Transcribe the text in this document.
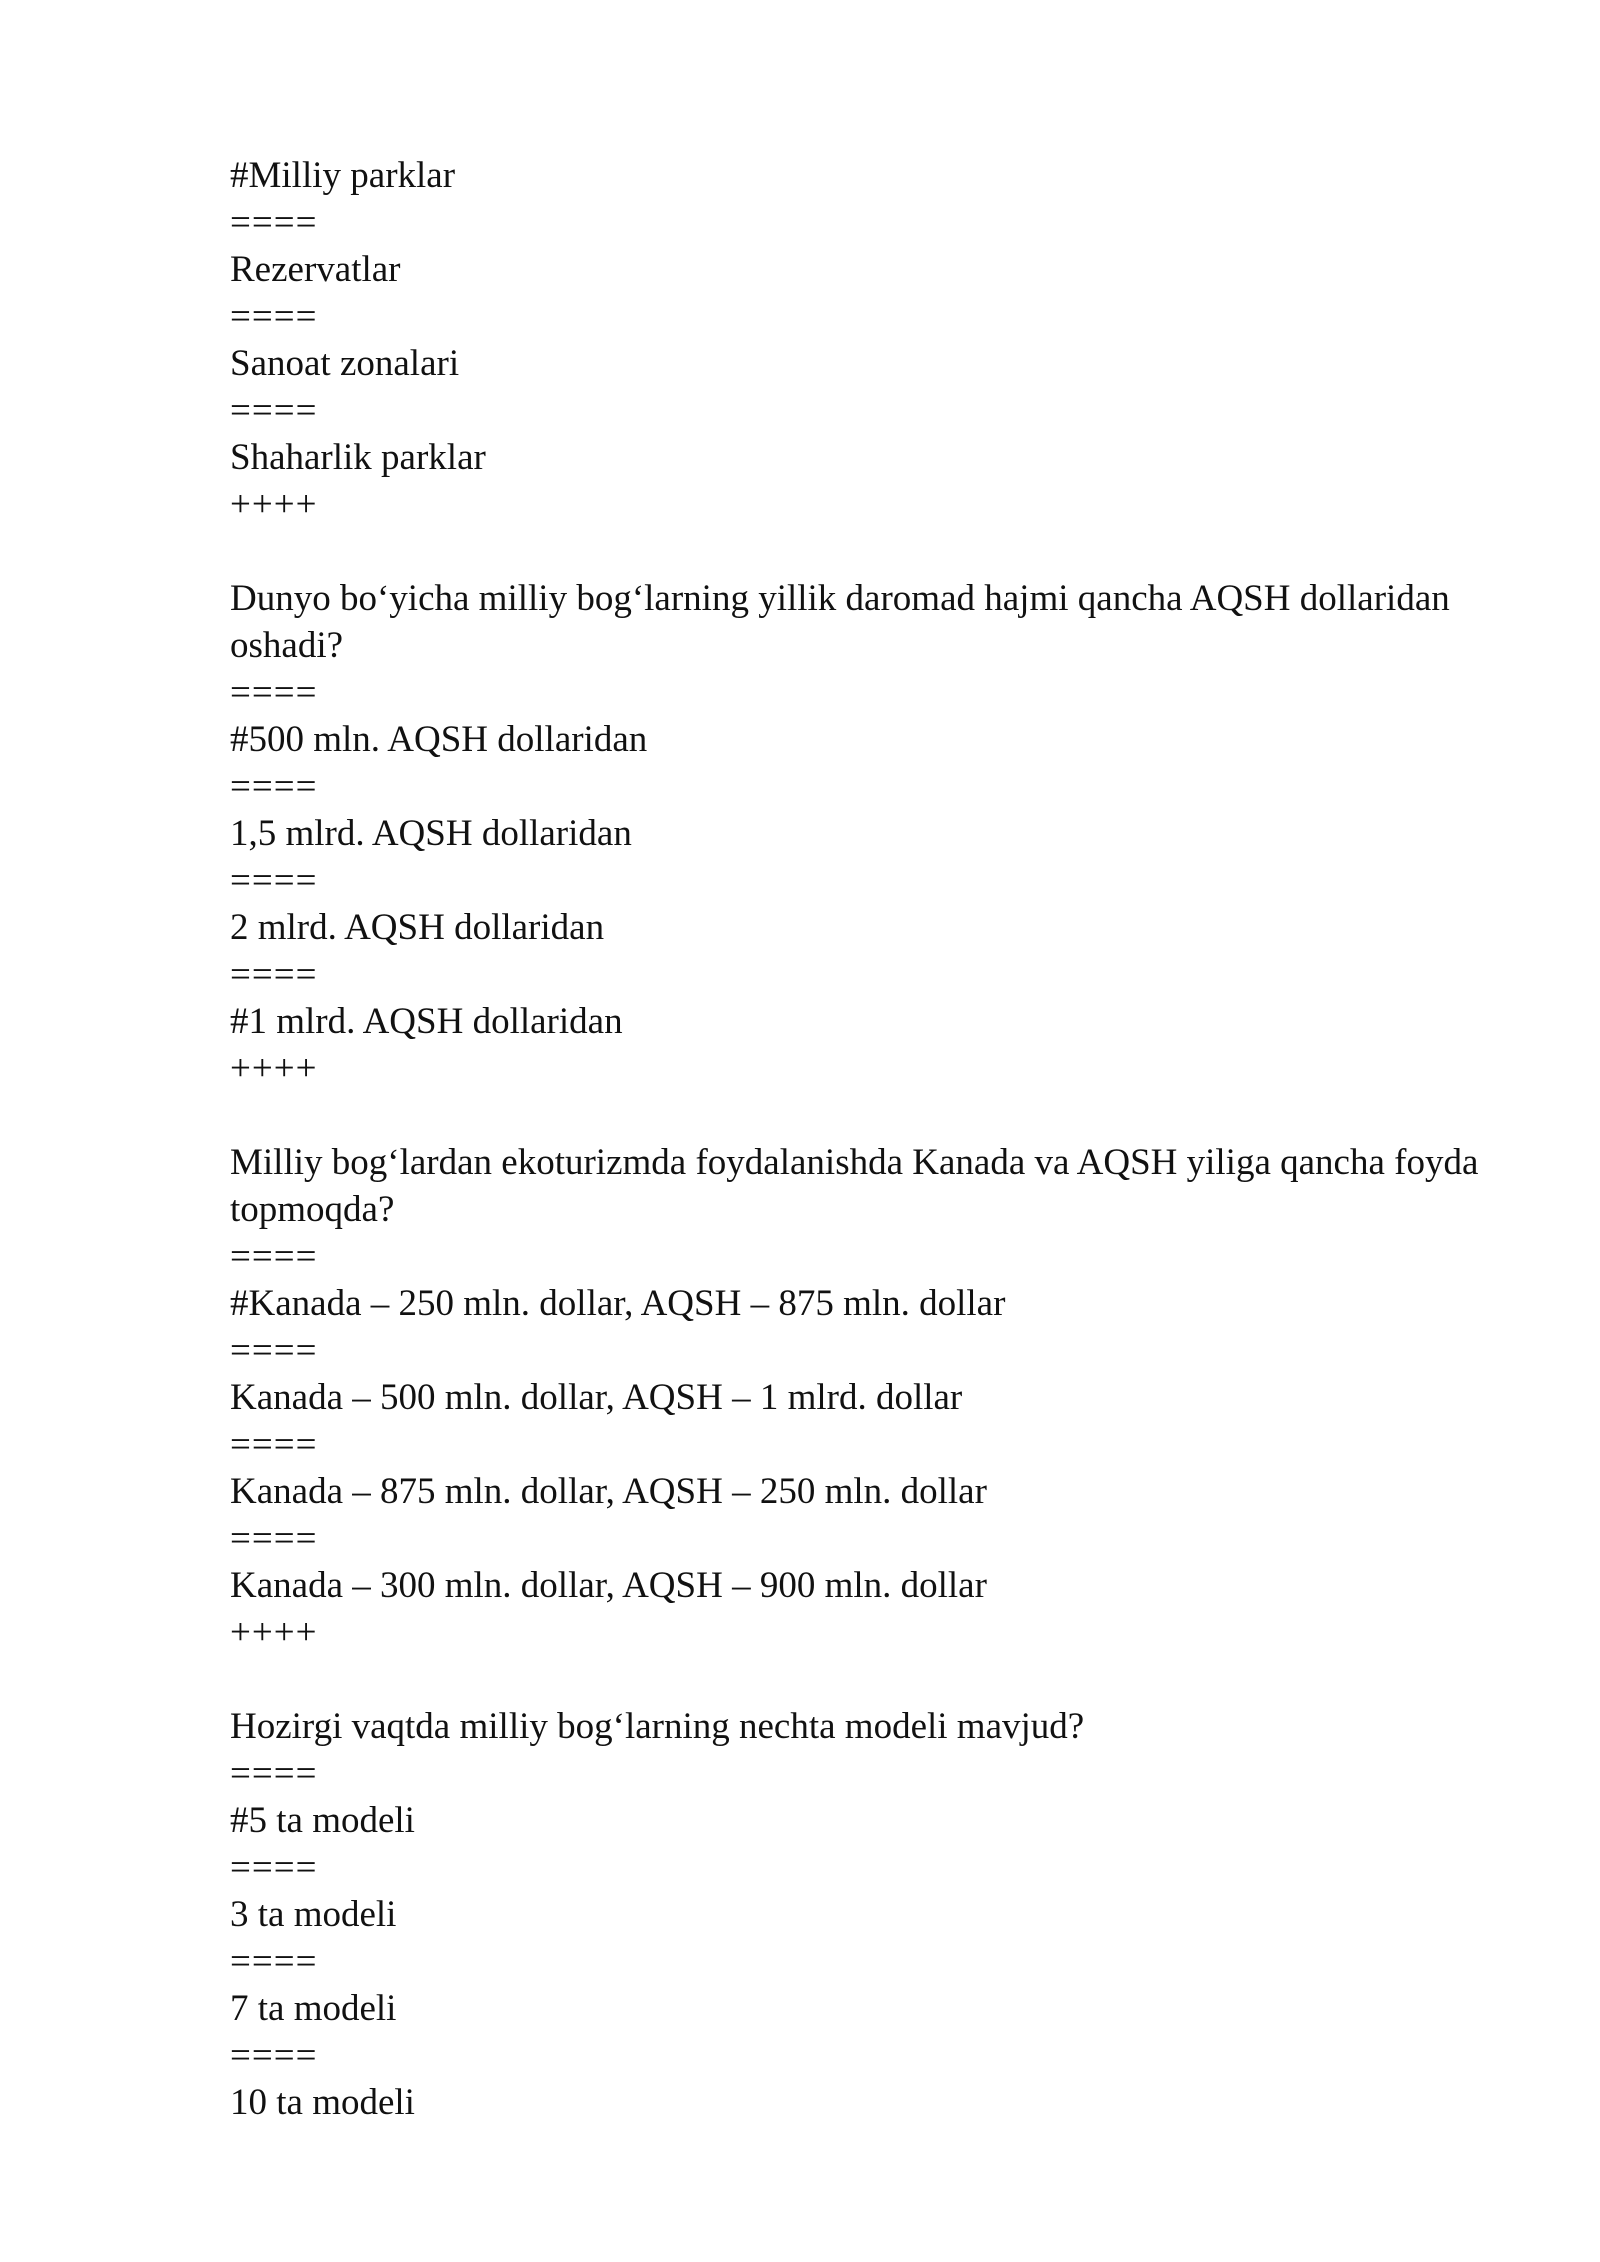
#Milliy parklar
====
Rezervatlar
====
Sanoat zonalari
====
Shaharlik parklar
++++
Dunyo bo‘yicha milliy bog‘larning yillik daromad hajmi qancha AQSH dollaridan oshadi?
====
#500 mln. AQSH dollaridan
====
1,5 mlrd. AQSH dollaridan
====
2 mlrd. AQSH dollaridan
====
#1 mlrd. AQSH dollaridan
++++
Milliy bog‘lardan ekoturizmda foydalanishda Kanada va AQSH yiliga qancha foyda topmoqda?
====
#Kanada – 250 mln. dollar, AQSH – 875 mln. dollar
====
Kanada – 500 mln. dollar, AQSH – 1 mlrd. dollar
====
Kanada – 875 mln. dollar, AQSH – 250 mln. dollar
====
Kanada – 300 mln. dollar, AQSH – 900 mln. dollar
++++
Hozirgi vaqtda milliy bog‘larning nechta modeli mavjud?
====
#5 ta modeli
====
3 ta modeli
====
7 ta modeli
====
10 ta modeli
